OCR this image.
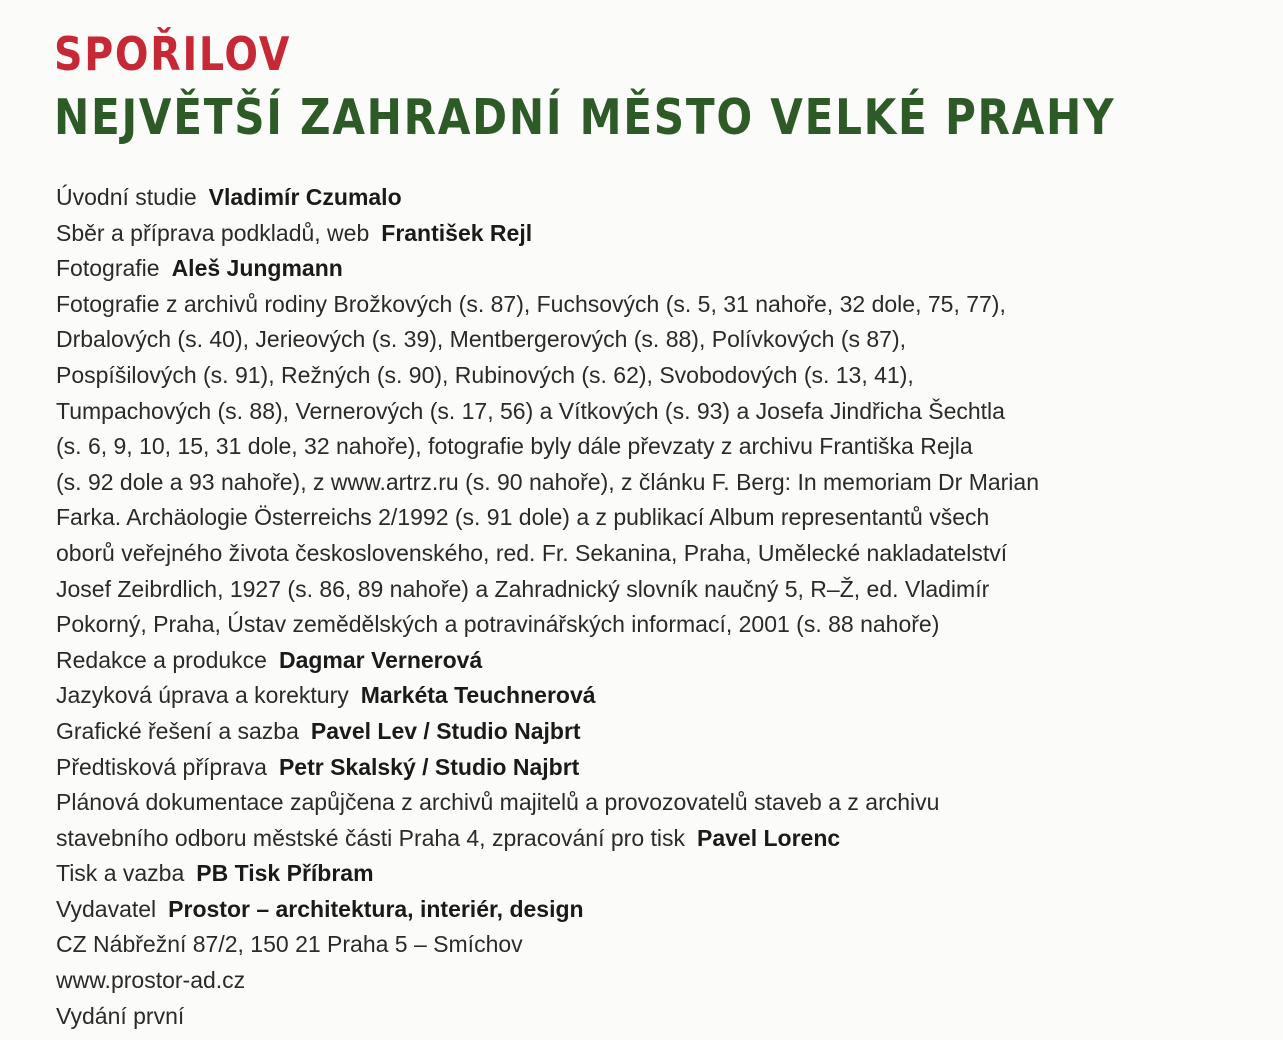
SPOŘILOV
NEJVĚTŠÍ ZAHRADNÍ MĚSTO VELKÉ PRAHY
Úvodní studie Vladimír Czumalo
Sběr a příprava podkladů, web František Rejl
Fotografie Aleš Jungmann
Fotografie z archivů rodiny Brožkových (s. 87), Fuchsových (s. 5, 31 nahoře, 32 dole, 75, 77),
Drbalových (s. 40), Jerieových (s. 39), Mentbergerových (s. 88), Polívkových (s 87),
Pospíšilových (s. 91), Režných (s. 90), Rubinových (s. 62), Svobodových (s. 13, 41),
Tumpachových (s. 88), Vernerových (s. 17, 56) a Vítkových (s. 93) a Josefa Jindřicha Šechtla
(s. 6, 9, 10, 15, 31 dole, 32 nahoře), fotografie byly dále převzaty z archivu Františka Rejla
(s. 92 dole a 93 nahoře), z www.artrz.ru (s. 90 nahoře), z článku F. Berg: In memoriam Dr Marian
Farka. Archäologie Österreichs 2/1992 (s. 91 dole) a z publikací Album representantů všech
oborů veřejného života československého, red. Fr. Sekanina, Praha, Umělecké nakladatelství
Josef Zeibrdlich, 1927 (s. 86, 89 nahoře) a Zahradnický slovník naučný 5, R–Ž, ed. Vladimír
Pokorný, Praha, Ústav zemědělských a potravinářských informací, 2001 (s. 88 nahoře)
Redakce a produkce Dagmar Vernerová
Jazyková úprava a korektury Markéta Teuchnerová
Grafické řešení a sazba Pavel Lev / Studio Najbrt
Předtisková příprava Petr Skalský / Studio Najbrt
Plánová dokumentace zapůjčena z archivů majitelů a provozovatelů staveb a z archivu
stavebního odboru městské části Praha 4, zpracování pro tisk Pavel Lorenc
Tisk a vazba PB Tisk Příbram
Vydavatel Prostor – architektura, interiér, design
CZ Nábřežní 87/2, 150 21 Praha 5 – Smíchov
www.prostor-ad.cz
Vydání první
